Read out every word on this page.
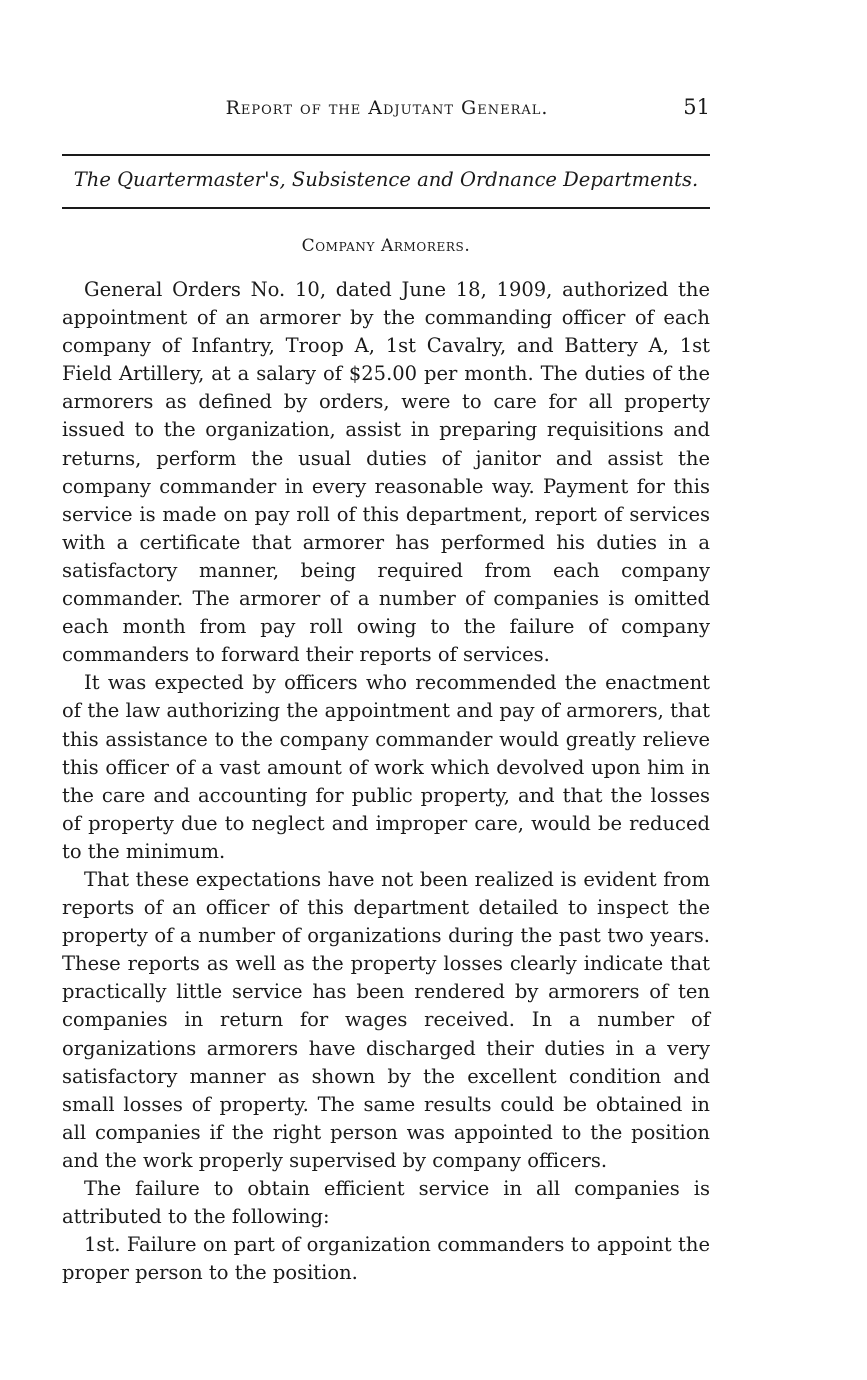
Report of the Adjutant General.	51
The Quartermaster's, Subsistence and Ordnance Departments.
Company Armorers.

General Orders No. 10, dated June 18, 1909, authorized the appointment of an armorer by the commanding officer of each company of Infantry, Troop A, 1st Cavalry, and Battery A, 1st Field Artillery, at a salary of $25.00 per month. The duties of the armorers as defined by orders, were to care for all property issued to the organization, assist in preparing requisitions and returns, perform the usual duties of janitor and assist the company commander in every reasonable way. Payment for this service is made on pay roll of this department, report of services with a certificate that armorer has performed his duties in a satisfactory manner, being required from each company commander. The armorer of a number of companies is omitted each month from pay roll owing to the failure of company commanders to forward their reports of services.

It was expected by officers who recommended the enactment of the law authorizing the appointment and pay of armorers, that this assistance to the company commander would greatly relieve this officer of a vast amount of work which devolved upon him in the care and accounting for public property, and that the losses of property due to neglect and improper care, would be reduced to the minimum.

That these expectations have not been realized is evident from reports of an officer of this department detailed to inspect the property of a number of organizations during the past two years. These reports as well as the property losses clearly indicate that practically little service has been rendered by armorers of ten companies in return for wages received. In a number of organizations armorers have discharged their duties in a very satisfactory manner as shown by the excellent condition and small losses of property. The same results could be obtained in all companies if the right person was appointed to the position and the work properly supervised by company officers.

The failure to obtain efficient service in all companies is attributed to the following:

1st. Failure on part of organization commanders to appoint the proper person to the position.
